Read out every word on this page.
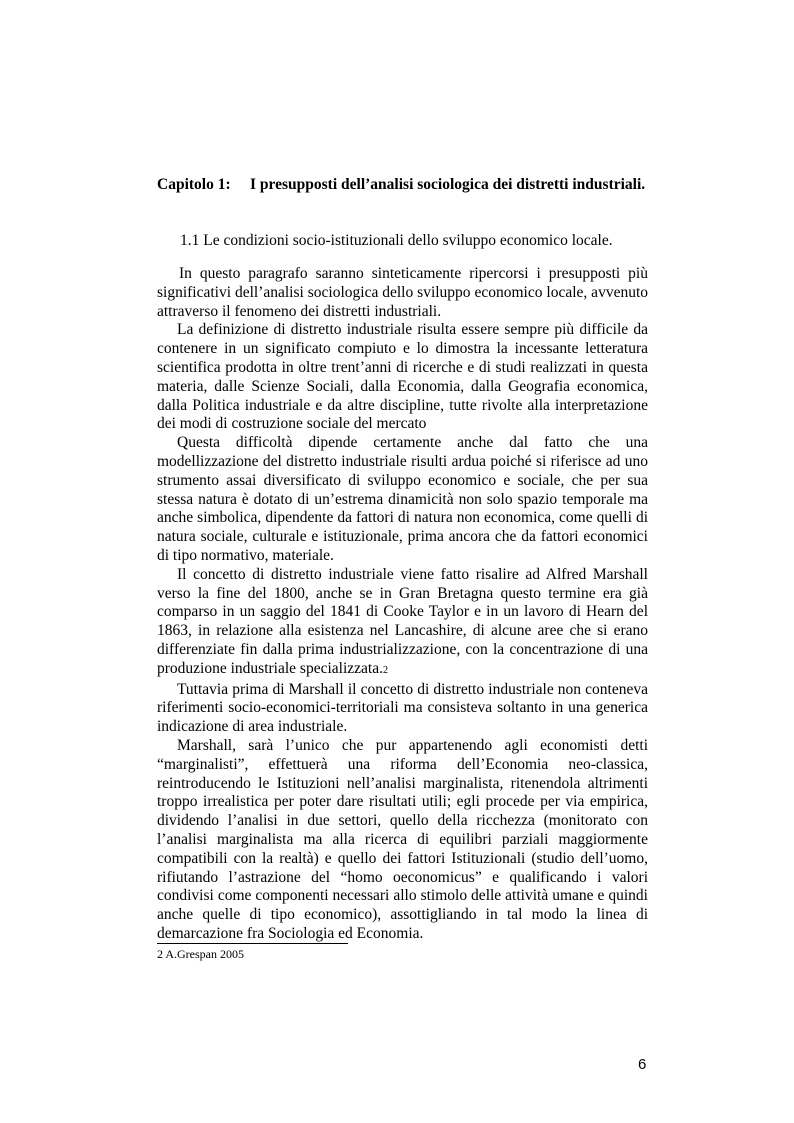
Capitolo 1: I presupposti dell’analisi sociologica dei distretti industriali.
1.1 Le condizioni socio-istituzionali dello sviluppo economico locale.

In questo paragrafo saranno sinteticamente ripercorsi i presupposti più significativi dell’analisi sociologica dello sviluppo economico locale, avvenuto attraverso il fenomeno dei distretti industriali.

La definizione di distretto industriale risulta essere sempre più difficile da contenere in un significato compiuto e lo dimostra la incessante letteratura scientifica prodotta in oltre trent’anni di ricerche e di studi realizzati in questa materia, dalle Scienze Sociali, dalla Economia, dalla Geografia economica, dalla Politica industriale e da altre discipline, tutte rivolte alla interpretazione dei modi di costruzione sociale del mercato

Questa difficoltà dipende certamente anche dal fatto che una modellizzazione del distretto industriale risulti ardua poiché si riferisce ad uno strumento assai diversificato di sviluppo economico e sociale, che per sua stessa natura è dotato di un’estrema dinamicità non solo spazio temporale ma anche simbolica, dipendente da fattori di natura non economica, come quelli di natura sociale, culturale e istituzionale, prima ancora che da fattori economici di tipo normativo, materiale.

Il concetto di distretto industriale viene fatto risalire ad Alfred Marshall verso la fine del 1800, anche se in Gran Bretagna questo termine era già comparso in un saggio del 1841 di Cooke Taylor e in un lavoro di Hearn del 1863, in relazione alla esistenza nel Lancashire, di alcune aree che si erano differenziate fin dalla prima industrializzazione, con la concentrazione di una produzione industriale specializzata.2

Tuttavia prima di Marshall il concetto di distretto industriale non conteneva riferimenti socio-economici-territoriali ma consisteva soltanto in una generica indicazione di area industriale.

Marshall, sarà l’unico che pur appartenendo agli economisti detti “marginalisti”, effettuerà una riforma dell’Economia neo-classica, reintroducendo le Istituzioni nell’analisi marginalista, ritenendola altrimenti troppo irrealistica per poter dare risultati utili; egli procede per via empirica, dividendo l’analisi in due settori, quello della ricchezza (monitorato con l’analisi marginalista ma alla ricerca di equilibri parziali maggiormente compatibili con la realtà) e quello dei fattori Istituzionali (studio dell’uomo, rifiutando l’astrazione del “homo oeconomicus” e qualificando i valori condivisi come componenti necessari allo stimolo delle attività umane e quindi anche quelle di tipo economico), assottigliando in tal modo la linea di demarcazione fra Sociologia ed Economia.

2 A.Grespan 2005
6
